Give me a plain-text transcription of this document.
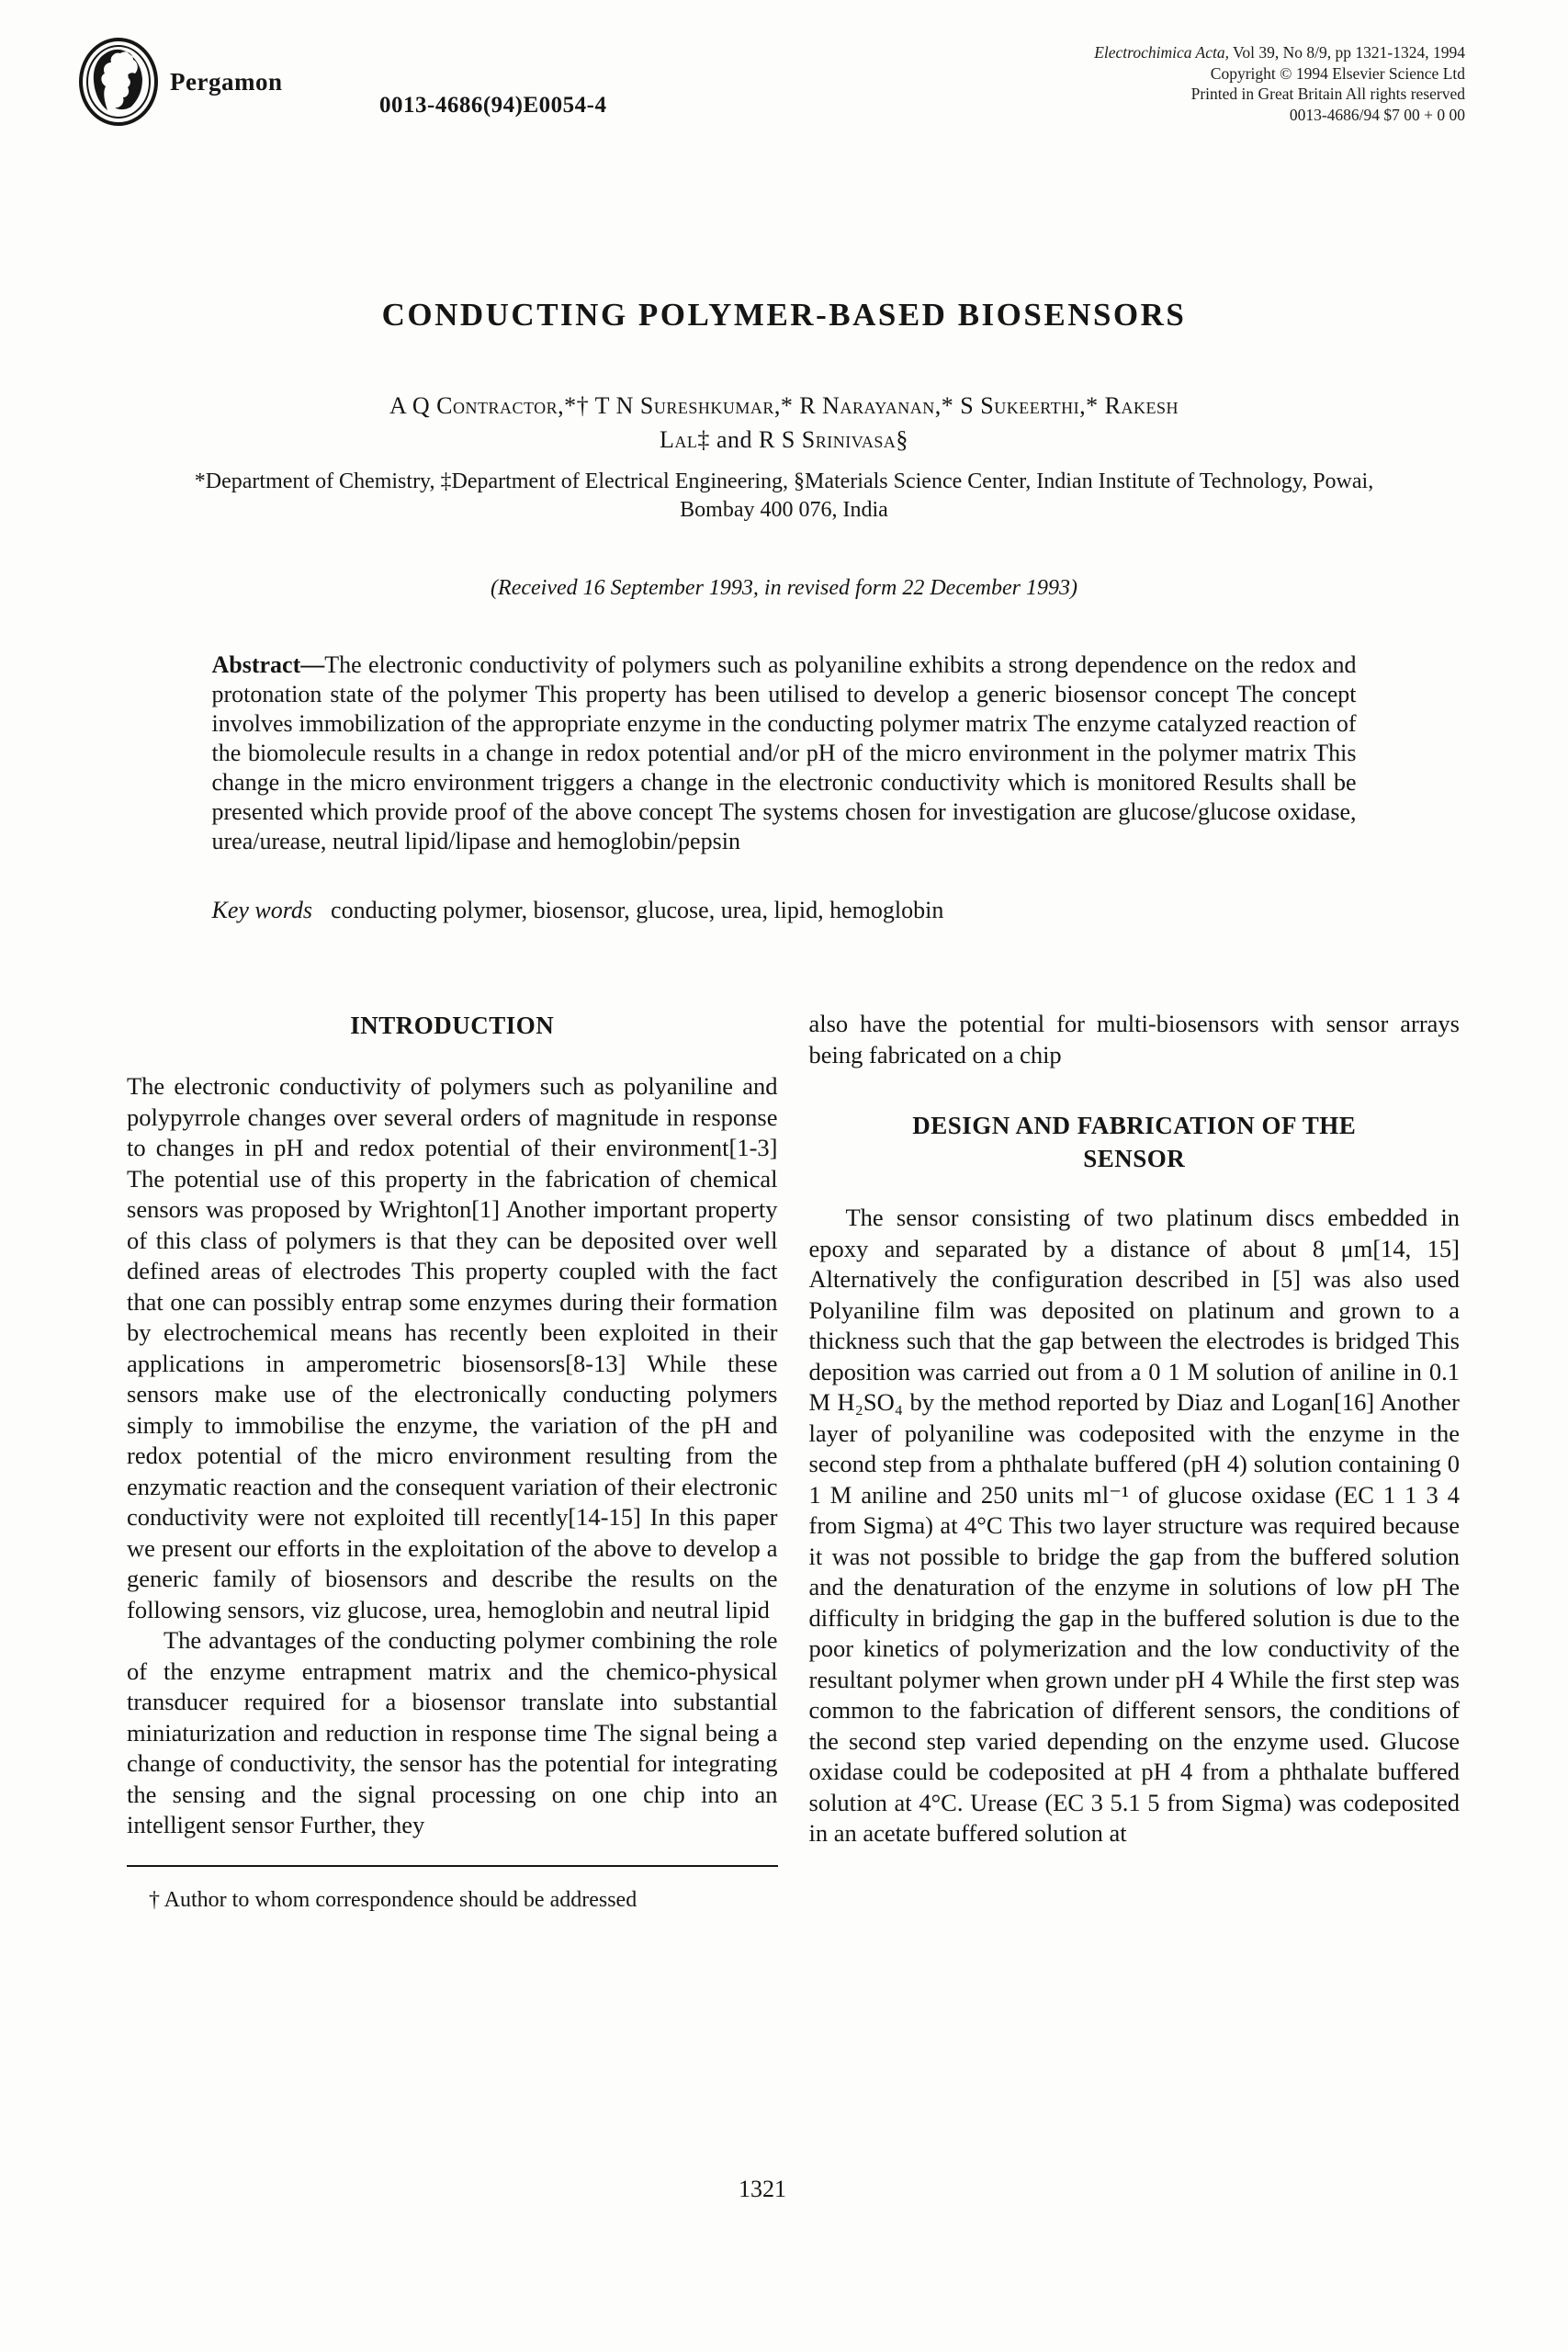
Pergamon
Electrochimica Acta, Vol 39, No 8/9, pp 1321-1324, 1994
Copyright © 1994 Elsevier Science Ltd
Printed in Great Britain All rights reserved
0013-4686/94 $7 00 + 0 00
0013-4686(94)E0054-4
CONDUCTING POLYMER-BASED BIOSENSORS
A Q Contractor,*† T N Sureshkumar,* R Narayanan,* S Sukeerthi,* Rakesh
Lal‡ and R S Srinivasa§
*Department of Chemistry, ‡Department of Electrical Engineering, §Materials Science Center, Indian Institute of Technology, Powai, Bombay 400 076, India
(Received 16 September 1993, in revised form 22 December 1993)
Abstract—The electronic conductivity of polymers such as polyaniline exhibits a strong dependence on the redox and protonation state of the polymer This property has been utilised to develop a generic biosensor concept The concept involves immobilization of the appropriate enzyme in the conducting polymer matrix The enzyme catalyzed reaction of the biomolecule results in a change in redox potential and/or pH of the micro environment in the polymer matrix This change in the micro environment triggers a change in the electronic conductivity which is monitored Results shall be presented which provide proof of the above concept The systems chosen for investigation are glucose/glucose oxidase, urea/urease, neutral lipid/lipase and hemoglobin/pepsin
Key words conducting polymer, biosensor, glucose, urea, lipid, hemoglobin
INTRODUCTION

The electronic conductivity of polymers such as polyaniline and polypyrrole changes over several orders of magnitude in response to changes in pH and redox potential of their environment[1-3] The potential use of this property in the fabrication of chemical sensors was proposed by Wrighton[1] Another important property of this class of polymers is that they can be deposited over well defined areas of electrodes This property coupled with the fact that one can possibly entrap some enzymes during their formation by electrochemical means has recently been exploited in their applications in amperometric biosensors[8-13] While these sensors make use of the electronically conducting polymers simply to immobilise the enzyme, the variation of the pH and redox potential of the micro environment resulting from the enzymatic reaction and the consequent variation of their electronic conductivity were not exploited till recently[14-15] In this paper we present our efforts in the exploitation of the above to develop a generic family of biosensors and describe the results on the following sensors, viz glucose, urea, hemoglobin and neutral lipid

The advantages of the conducting polymer combining the role of the enzyme entrapment matrix and the chemico-physical transducer required for a biosensor translate into substantial miniaturization and reduction in response time The signal being a change of conductivity, the sensor has the potential for integrating the sensing and the signal processing on one chip into an intelligent sensor Further, they

† Author to whom correspondence should be addressed

also have the potential for multi-biosensors with sensor arrays being fabricated on a chip

DESIGN AND FABRICATION OF THE
SENSOR

The sensor consisting of two platinum discs embedded in epoxy and separated by a distance of about 8 μm[14, 15] Alternatively the configuration described in [5] was also used Polyaniline film was deposited on platinum and grown to a thickness such that the gap between the electrodes is bridged This deposition was carried out from a 0 1 M solution of aniline in 0.1 M H₂SO₄ by the method reported by Diaz and Logan[16] Another layer of polyaniline was codeposited with the enzyme in the second step from a phthalate buffered (pH 4) solution containing 0 1 M aniline and 250 units ml⁻¹ of glucose oxidase (EC 1 1 3 4 from Sigma) at 4°C This two layer structure was required because it was not possible to bridge the gap from the buffered solution and the denaturation of the enzyme in solutions of low pH The difficulty in bridging the gap in the buffered solution is due to the poor kinetics of polymerization and the low conductivity of the resultant polymer when grown under pH 4 While the first step was common to the fabrication of different sensors, the conditions of the second step varied depending on the enzyme used. Glucose oxidase could be codeposited at pH 4 from a phthalate buffered solution at 4°C. Urease (EC 3 5.1 5 from Sigma) was codeposited in an acetate buffered solution at

1321
